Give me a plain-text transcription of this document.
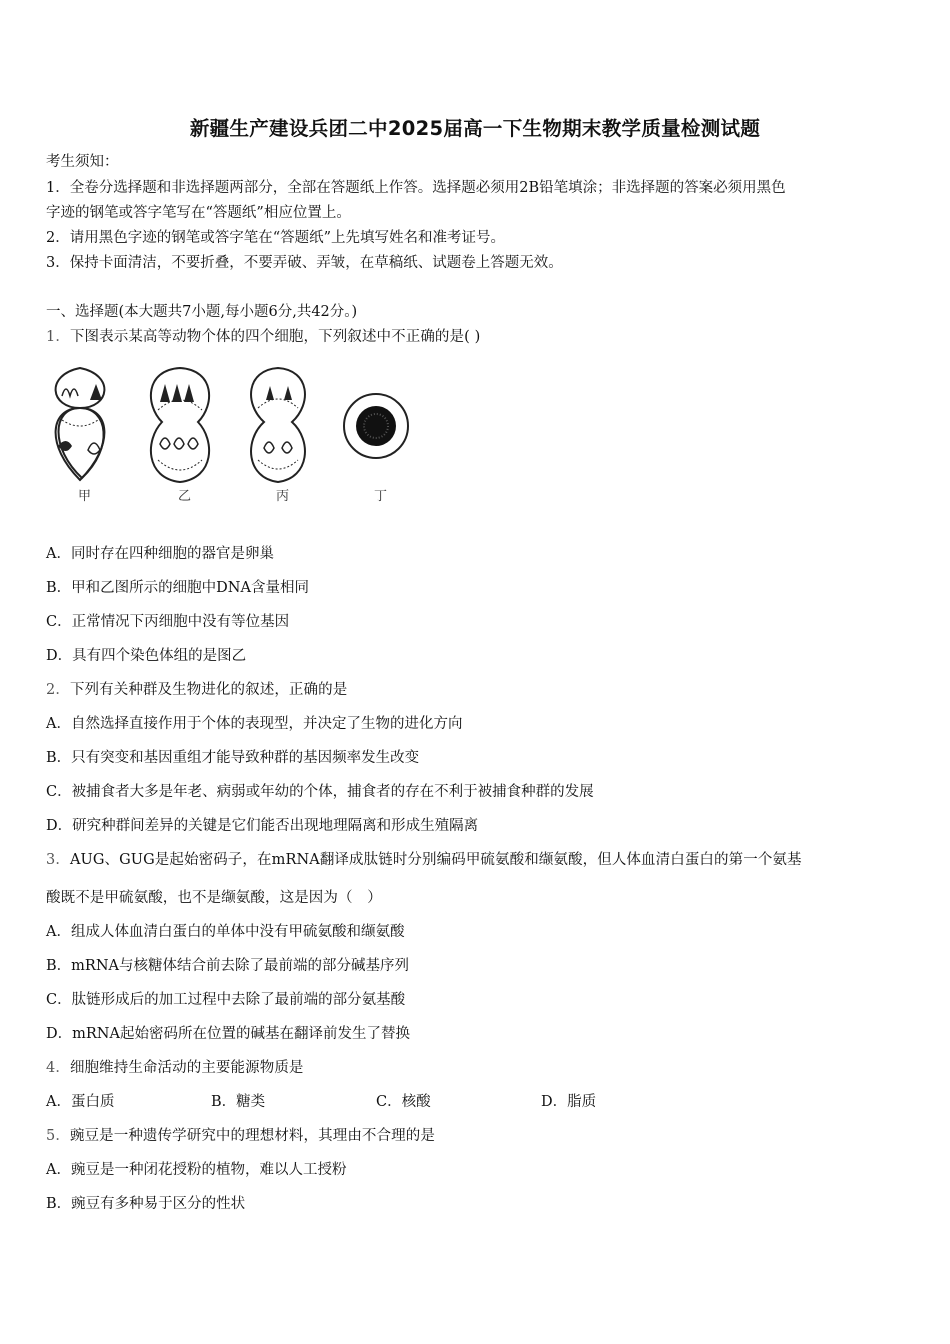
新疆生产建设兵团二中2025届高一下生物期末教学质量检测试题
考生须知：
1．全卷分选择题和非选择题两部分，全部在答题纸上作答。选择题必须用2B铅笔填涂；非选择题的答案必须用黑色
字迹的钢笔或答字笔写在“答题纸”相应位置上。
2．请用黑色字迹的钢笔或答字笔在“答题纸”上先填写姓名和准考证号。
3．保持卡面清洁，不要折叠，不要弄破、弄皱，在草稿纸、试题卷上答题无效。
一、选择题(本大题共7小题,每小题6分,共42分。)
1．下图表示某高等动物个体的四个细胞，下列叙述中不正确的是( )
甲	乙	丙	丁
A．同时存在四种细胞的器官是卵巢
B．甲和乙图所示的细胞中DNA含量相同
C．正常情况下丙细胞中没有等位基因
D．具有四个染色体组的是图乙
2．下列有关种群及生物进化的叙述，正确的是
A．自然选择直接作用于个体的表现型，并决定了生物的进化方向
B．只有突变和基因重组才能导致种群的基因频率发生改变
C．被捕食者大多是年老、病弱或年幼的个体，捕食者的存在不利于被捕食种群的发展
D．研究种群间差异的关键是它们能否出现地理隔离和形成生殖隔离
3．AUG、GUG是起始密码子，在mRNA翻译成肽链时分别编码甲硫氨酸和缬氨酸，但人体血清白蛋白的第一个氨基
酸既不是甲硫氨酸，也不是缬氨酸，这是因为（　）
A．组成人体血清白蛋白的单体中没有甲硫氨酸和缬氨酸
B．mRNA与核糖体结合前去除了最前端的部分碱基序列
C．肽链形成后的加工过程中去除了最前端的部分氨基酸
D．mRNA起始密码所在位置的碱基在翻译前发生了替换
4．细胞维持生命活动的主要能源物质是
A．蛋白质	B．糖类	C．核酸	D．脂质
5．豌豆是一种遗传学研究中的理想材料，其理由不合理的是
A．豌豆是一种闭花授粉的植物，难以人工授粉
B．豌豆有多种易于区分的性状
